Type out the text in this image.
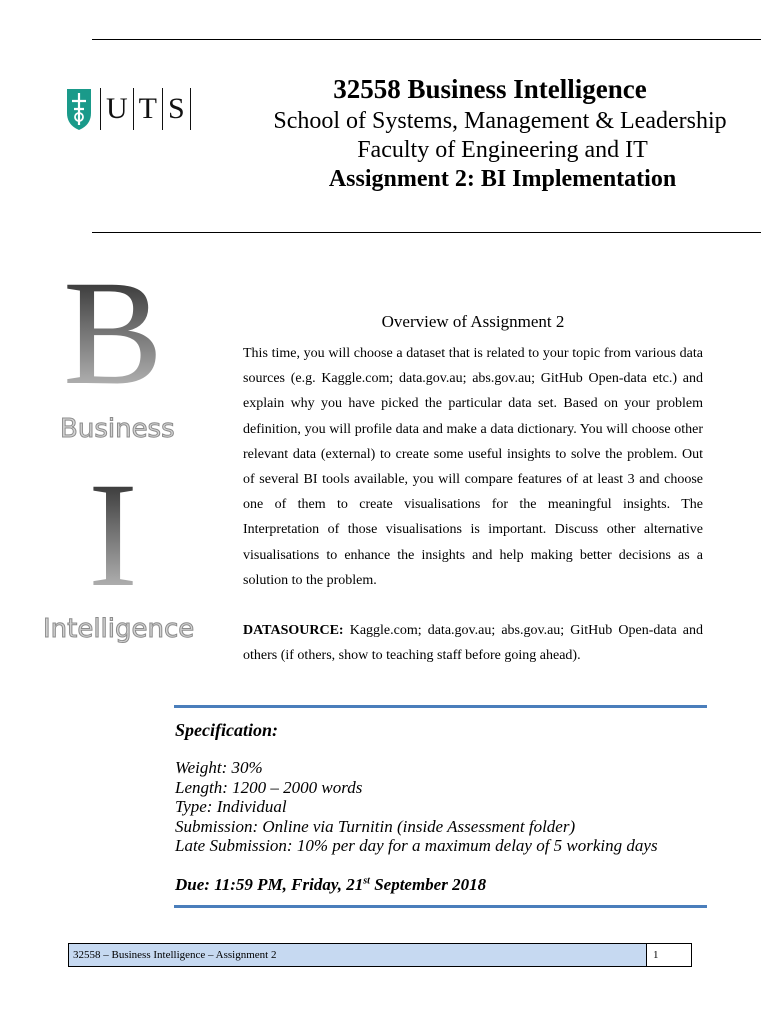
U T S
32558 Business Intelligence
School of Systems, Management & Leadership
Faculty of Engineering and IT
Assignment 2: BI Implementation
B
Business
I
Intelligence
Overview of Assignment 2

This time, you will choose a dataset that is related to your topic from various data sources (e.g. Kaggle.com; data.gov.au; abs.gov.au; GitHub Open-data etc.) and explain why you have picked the particular data set. Based on your problem definition, you will profile data and make a data dictionary. You will choose other relevant data (external) to create some useful insights to solve the problem. Out of several BI tools available, you will compare features of at least 3 and choose one of them to create visualisations for the meaningful insights. The Interpretation of those visualisations is important. Discuss other alternative visualisations to enhance the insights and help making better decisions as a solution to the problem.

DATASOURCE: Kaggle.com; data.gov.au; abs.gov.au; GitHub Open-data and others (if others, show to teaching staff before going ahead).

Specification:
Weight: 30%
Length: 1200 – 2000 words
Type: Individual
Submission: Online via Turnitin (inside Assessment folder)
Late Submission: 10% per day for a maximum delay of 5 working days
Due: 11:59 PM, Friday, 21st September 2018
32558 – Business Intelligence – Assignment 2	1
